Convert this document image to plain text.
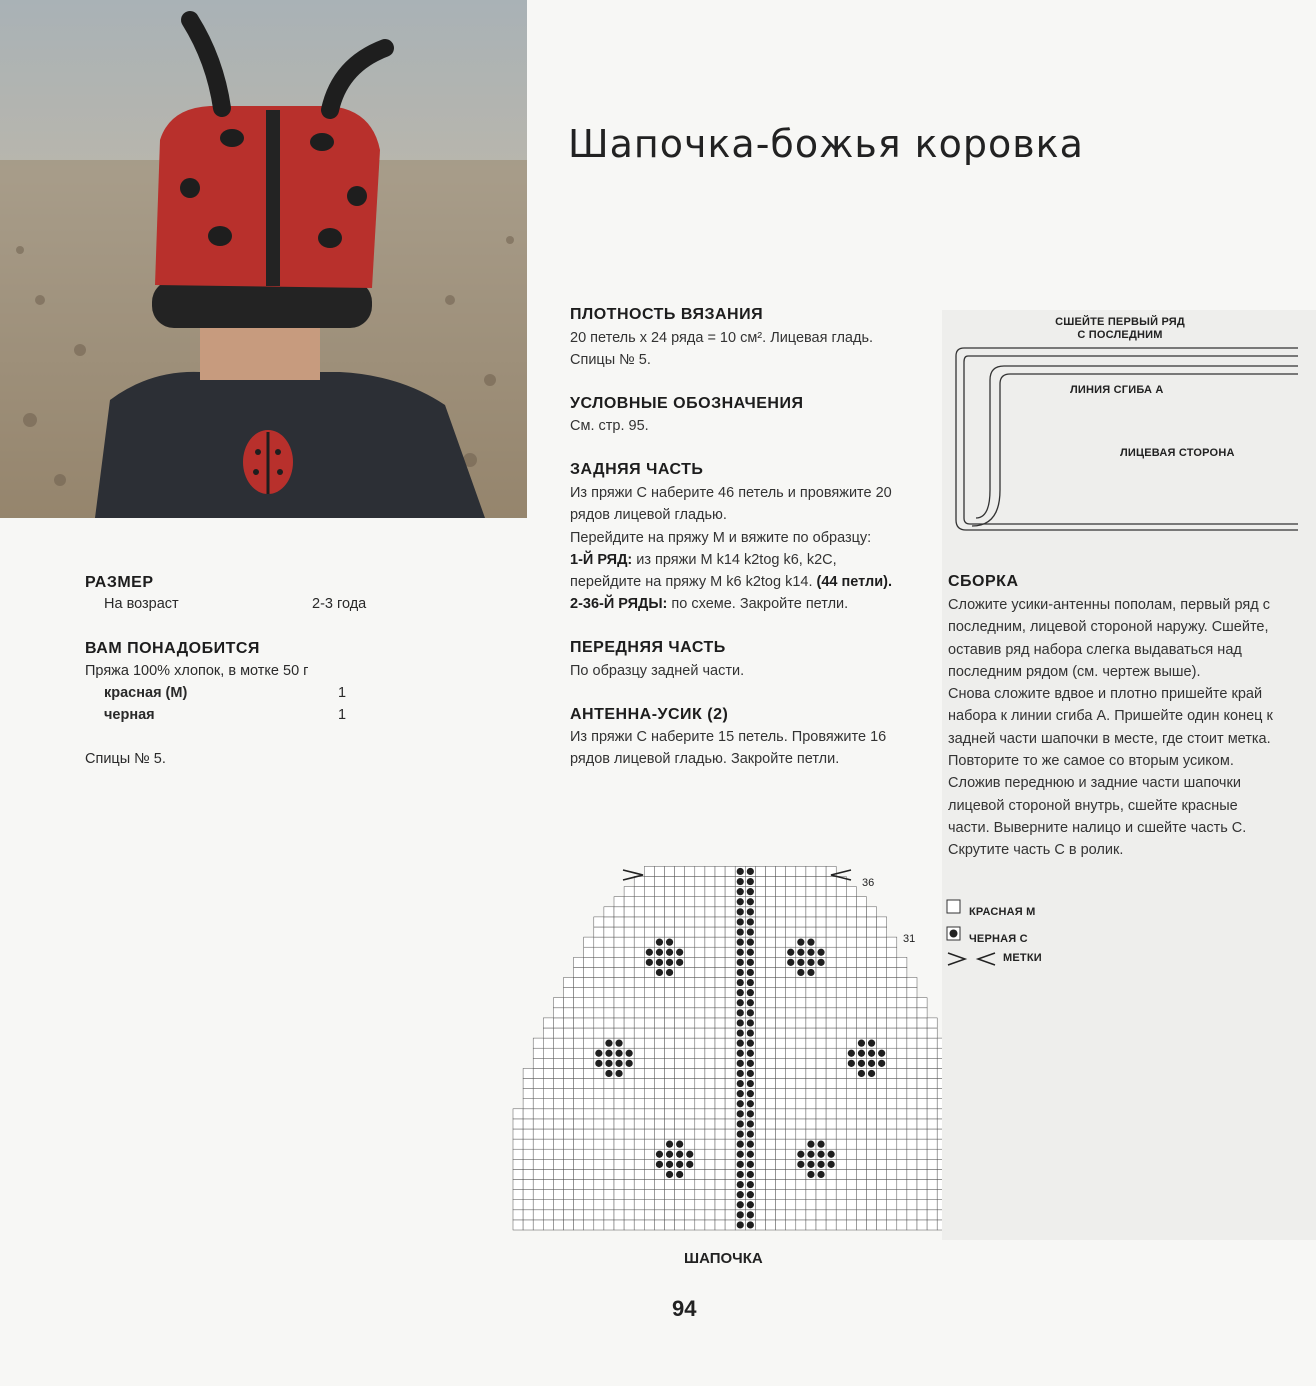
Шапочка-божья коровка
РАЗМЕР
На возраст	2-3 года
ВАМ ПОНАДОБИТСЯ
Пряжа 100% хлопок, в мотке 50 г
красная (М)	1
черная	1
Спицы № 5.
ПЛОТНОСТЬ ВЯЗАНИЯ
20 петель х 24 ряда = 10 см². Лицевая гладь.
Спицы № 5.
УСЛОВНЫЕ ОБОЗНАЧЕНИЯ
См. стр. 95.
ЗАДНЯЯ ЧАСТЬ
Из пряжи С наберите 46 петель и провяжите 20
рядов лицевой гладью.
Перейдите на пряжу М и вяжите по образцу:
1-Й РЯД: из пряжи М k14 k2tog k6, k2C,
перейдите на пряжу М k6 k2tog k14. (44 петли).
2-36-Й РЯДЫ: по схеме. Закройте петли.
ПЕРЕДНЯЯ ЧАСТЬ
По образцу задней части.
АНТЕННА-УСИК (2)
Из пряжи С наберите 15 петель. Провяжите 16
рядов лицевой гладью. Закройте петли.
36
31
ШАПОЧКА
СШЕЙТЕ ПЕРВЫЙ РЯД
С ПОСЛЕДНИМ
ЛИНИЯ СГИБА А
ЛИЦЕВАЯ СТОРОНА
СБОРКА
Сложите усики-антенны пополам, первый ряд с
последним, лицевой стороной наружу. Сшейте,
оставив ряд набора слегка выдаваться над
последним рядом (см. чертеж выше).
Снова сложите вдвое и плотно пришейте край
набора к линии сгиба А. Пришейте один конец к
задней части шапочки в месте, где стоит метка.
Повторите то же самое со вторым усиком.
Сложив переднюю и задние части шапочки
лицевой стороной внутрь, сшейте красные
части. Выверните налицо и сшейте часть С.
Скрутите часть С в ролик.
КРАСНАЯ М
ЧЕРНАЯ С
МЕТКИ
94
